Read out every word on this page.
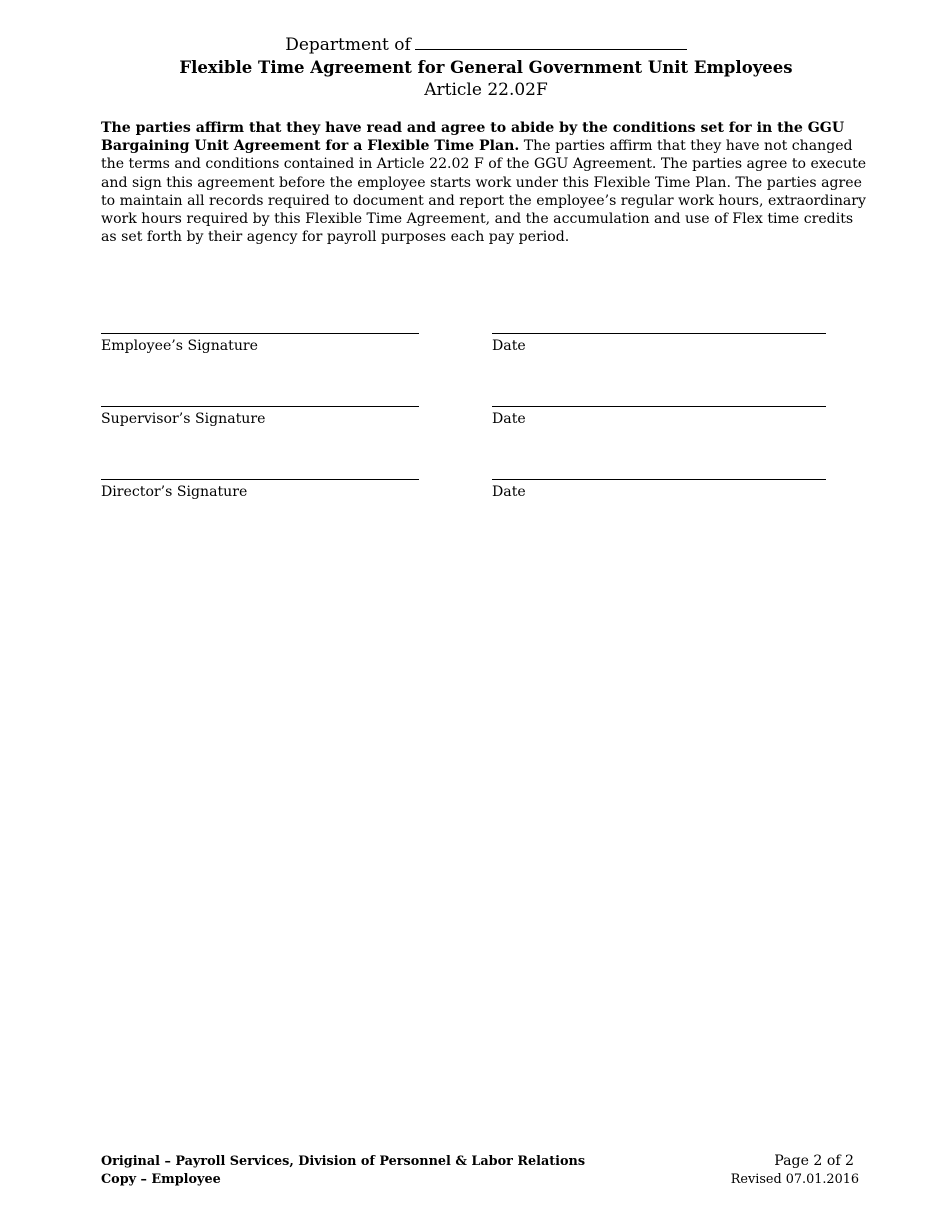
Department of
Flexible Time Agreement for General Government Unit Employees
Article 22.02F

The parties affirm that they have read and agree to abide by the conditions set for in the GGU Bargaining Unit Agreement for a Flexible Time Plan. The parties affirm that they have not changed the terms and conditions contained in Article 22.02 F of the GGU Agreement. The parties agree to execute and sign this agreement before the employee starts work under this Flexible Time Plan. The parties agree to maintain all records required to document and report the employee’s regular work hours, extraordinary work hours required by this Flexible Time Agreement, and the accumulation and use of Flex time credits as set forth by their agency for payroll purposes each pay period.

Employee’s Signature	Date
Supervisor’s Signature	Date
Director’s Signature	Date
Original – Payroll Services, Division of Personnel & Labor Relations
Copy – Employee
Page 2 of 2
Revised 07.01.2016
